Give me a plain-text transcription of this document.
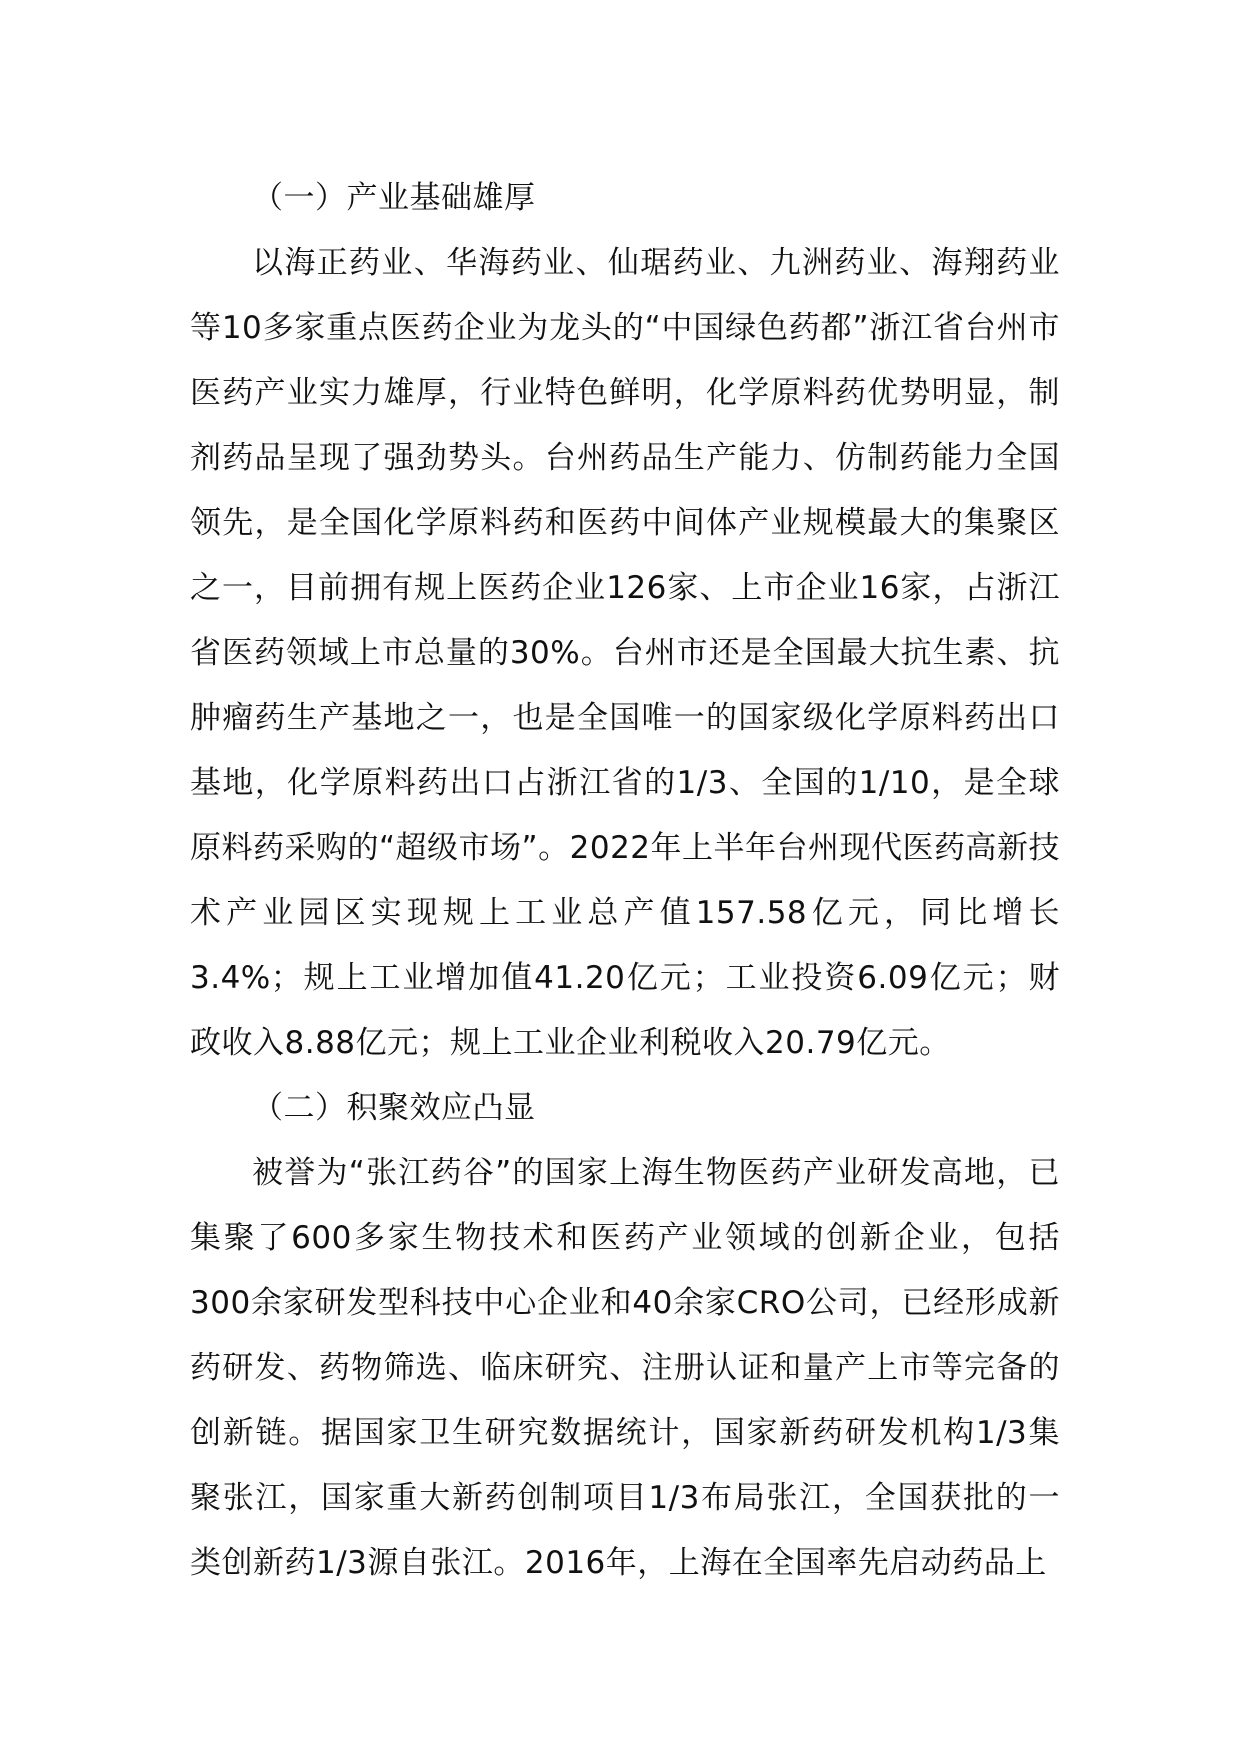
（一）产业基础雄厚

以海正药业、华海药业、仙琚药业、九洲药业、海翔药业等10多家重点医药企业为龙头的“中国绿色药都”浙江省台州市医药产业实力雄厚，行业特色鲜明，化学原料药优势明显，制剂药品呈现了强劲势头。台州药品生产能力、仿制药能力全国领先，是全国化学原料药和医药中间体产业规模最大的集聚区之一，目前拥有规上医药企业126家、上市企业16家，占浙江省医药领域上市总量的30%。台州市还是全国最大抗生素、抗肿瘤药生产基地之一，也是全国唯一的国家级化学原料药出口基地，化学原料药出口占浙江省的1/3、全国的1/10，是全球原料药采购的“超级市场”。2022年上半年台州现代医药高新技术产业园区实现规上工业总产值157.58亿元，同比增长3.4%；规上工业增加值41.20亿元；工业投资6.09亿元；财政收入8.88亿元；规上工业企业利税收入20.79亿元。

（二）积聚效应凸显

被誉为“张江药谷”的国家上海生物医药产业研发高地，已集聚了600多家生物技术和医药产业领域的创新企业，包括300余家研发型科技中心企业和40余家CRO公司，已经形成新药研发、药物筛选、临床研究、注册认证和量产上市等完备的创新链。据国家卫生研究数据统计，国家新药研发机构1/3集聚张江，国家重大新药创制项目1/3布局张江，全国获批的一类创新药1/3源自张江。2016年，上海在全国率先启动药品上
